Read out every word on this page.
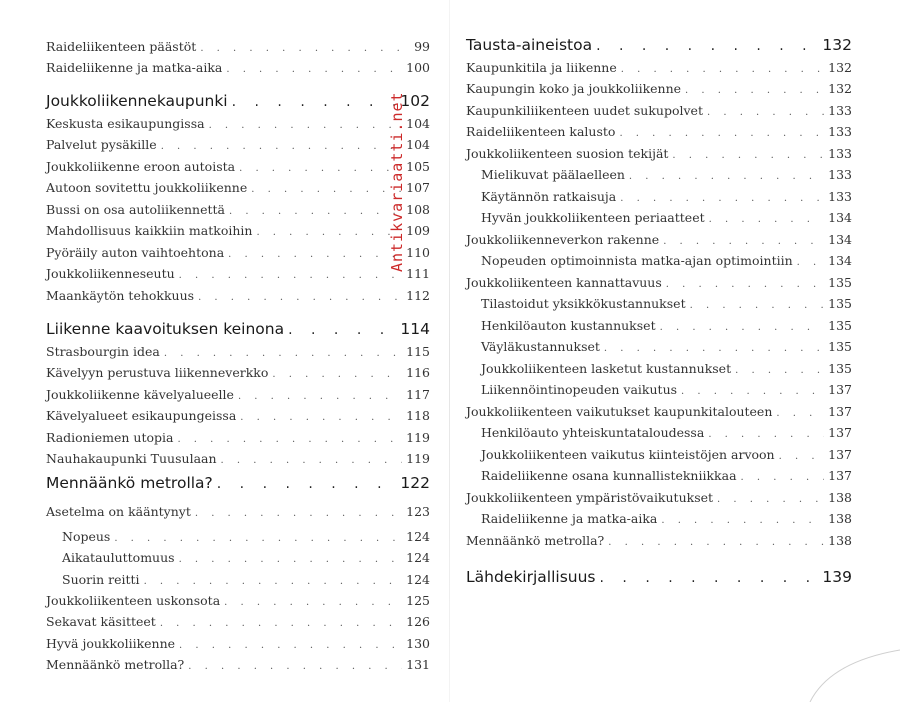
Raideliikenteen päästöt . . .	99
Raideliikenne ja matka-aika . . .	100
Joukkoliikennekaupunki . . .	102
Keskusta esikaupungissa . . .	104
Palvelut pysäkille . . .	104
Joukkoliikenne eroon autoista . . .	105
Autoon sovitettu joukkoliikenne . . .	107
Bussi on osa autoliikennettä . . .	108
Mahdollisuus kaikkiin matkoihin . . .	109
Pyöräily auton vaihtoehtona . . .	110
Joukkoliikenneseutu . . .	111
Maankäytön tehokkuus . . .	112
Liikenne kaavoituksen keinona . . .	114
Strasbourgin idea . . .	115
Kävelyyn perustuva liikenneverkko . . .	116
Joukkoliikenne kävelyalueelle . . .	117
Kävelyalueet esikaupungeissa . . .	118
Radioniemen utopia . . .	119
Nauhakaupunki Tuusulaan . . .	119
Mennäänkö metrolla? . . .	122
Asetelma on kääntynyt . . .	123
Nopeus . . .	124
Aikatauluttomuus . . .	124
Suorin reitti . . .	124
Joukkoliikenteen uskonsota . . .	125
Sekavat käsitteet . . .	126
Hyvä joukkoliikenne . . .	130
Mennäänkö metrolla? . . .	131
Tausta-aineistoa . . .	132
Kaupunkitila ja liikenne . . .	132
Kaupungin koko ja joukkoliikenne . . .	132
Kaupunkiliikenteen uudet sukupolvet . . .	133
Raideliikenteen kalusto . . .	133
Joukkoliikenteen suosion tekijät . . .	133
Mielikuvat päälaelleen . . .	133
Käytännön ratkaisuja . . .	133
Hyvän joukkoliikenteen periaatteet . . .	134
Joukkoliikenneverkon rakenne . . .	134
Nopeuden optimoinnista matka-ajan optimointiin . . .	134
Joukkoliikenteen kannattavuus . . .	135
Tilastoidut yksikkökustannukset . . .	135
Henkilöauton kustannukset . . .	135
Väyläkustannukset . . .	135
Joukkoliikenteen lasketut kustannukset . . .	135
Liikennöintinopeuden vaikutus . . .	137
Joukkoliikenteen vaikutukset kaupunkitalouteen . . .	137
Henkilöauto yhteiskuntataloudessa . . .	137
Joukkoliikenteen vaikutus kiinteistöjen arvoon . . .	137
Raideliikenne osana kunnallistekniikkaa . . .	137
Joukkoliikenteen ympäristövaikutukset . . .	138
Raideliikenne ja matka-aika . . .	138
Mennäänkö metrolla? . . .	138
Lähdekirjallisuus . . .	139
Antikvariaatti.net
